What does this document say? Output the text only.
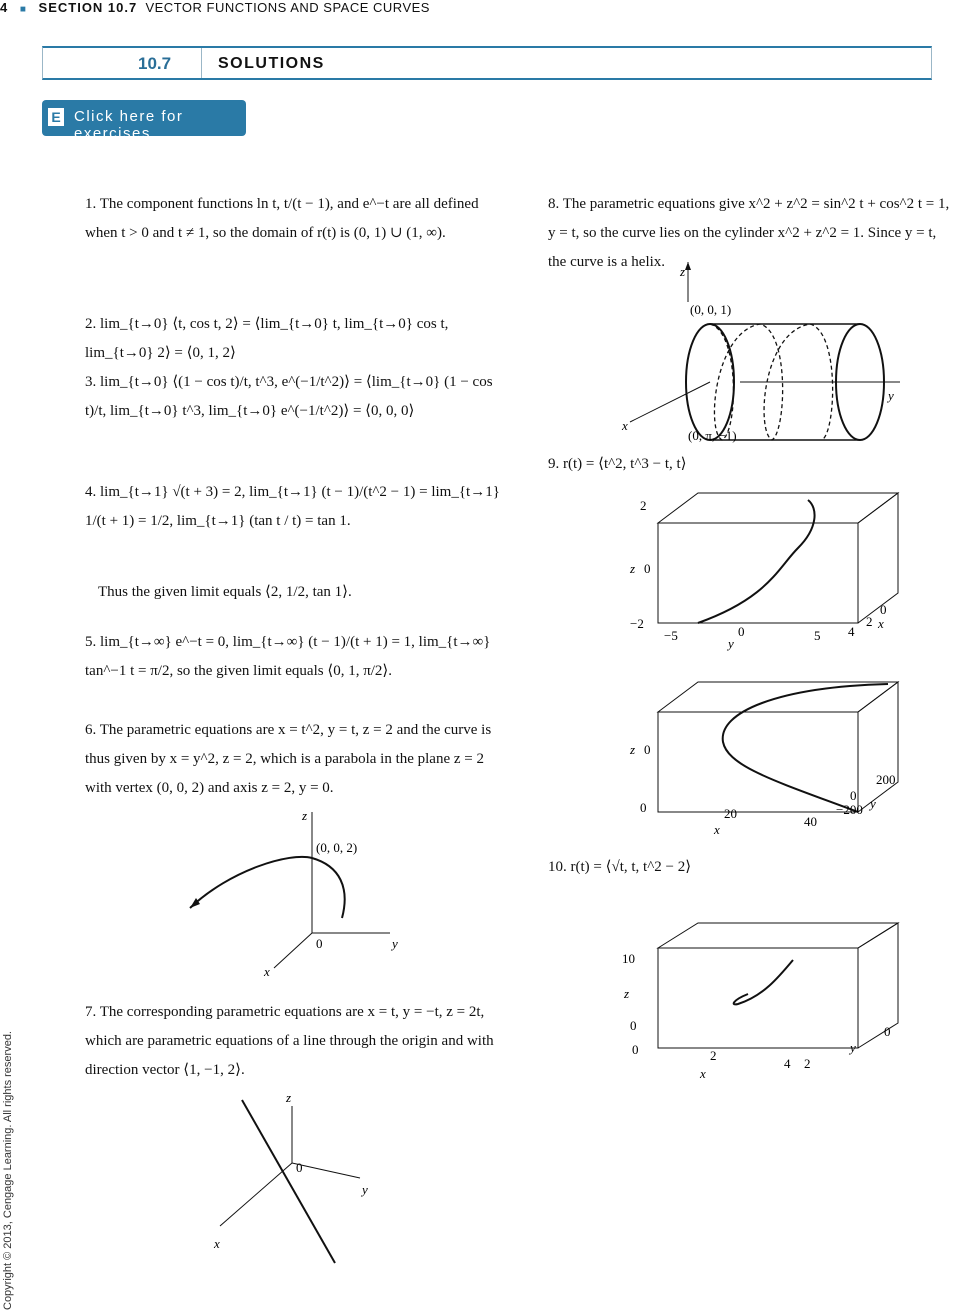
4 ■ SECTION 10.7 VECTOR FUNCTIONS AND SPACE CURVES
10.7	SOLUTIONS
E Click here for exercises.
1. The component functions ln t, t/(t − 1), and e^−t are all defined when t > 0 and t ≠ 1, so the domain of r(t) is (0, 1) ∪ (1, ∞).
2. lim_{t→0} ⟨t, cos t, 2⟩ = ⟨lim_{t→0} t, lim_{t→0} cos t, lim_{t→0} 2⟩ = ⟨0, 1, 2⟩
3. lim_{t→0} ⟨(1 − cos t)/t, t^3, e^(−1/t^2)⟩ = ⟨lim_{t→0} (1 − cos t)/t, lim_{t→0} t^3, lim_{t→0} e^(−1/t^2)⟩ = ⟨0, 0, 0⟩
4. lim_{t→1} √(t + 3) = 2, lim_{t→1} (t − 1)/(t^2 − 1) = lim_{t→1} 1/(t + 1) = 1/2, lim_{t→1} (tan t / t) = tan 1.
Thus the given limit equals ⟨2, 1/2, tan 1⟩.
5. lim_{t→∞} e^−t = 0, lim_{t→∞} (t − 1)/(t + 1) = 1, lim_{t→∞} tan^−1 t = π/2, so the given limit equals ⟨0, 1, π/2⟩.
6. The parametric equations are x = t^2, y = t, z = 2 and the curve is thus given by x = y^2, z = 2, which is a parabola in the plane z = 2 with vertex (0, 0, 2) and axis z = 2, y = 0.
7. The corresponding parametric equations are x = t, y = −t, z = 2t, which are parametric equations of a line through the origin and with direction vector ⟨1, −1, 2⟩.
8. The parametric equations give x^2 + z^2 = sin^2 t + cos^2 t = 1, y = t, so the curve lies on the cylinder x^2 + z^2 = 1. Since y = t, the curve is a helix.
9. r(t) = ⟨t^2, t^3 − t, t⟩
10. r(t) = ⟨√t, t, t^2 − 2⟩
z
(0, 0, 1)
y
x
(0, π, −1)
2
z 0
−2
−5	0
y
5 4
2
0
x
z 0
0	20
x
40
−200
0
200
y
z
(0, 0, 2)
y
x
0
10
z
0
0	2
x
4 2
0
y
z
0
y
x
Copyright © 2013, Cengage Learning. All rights reserved.
